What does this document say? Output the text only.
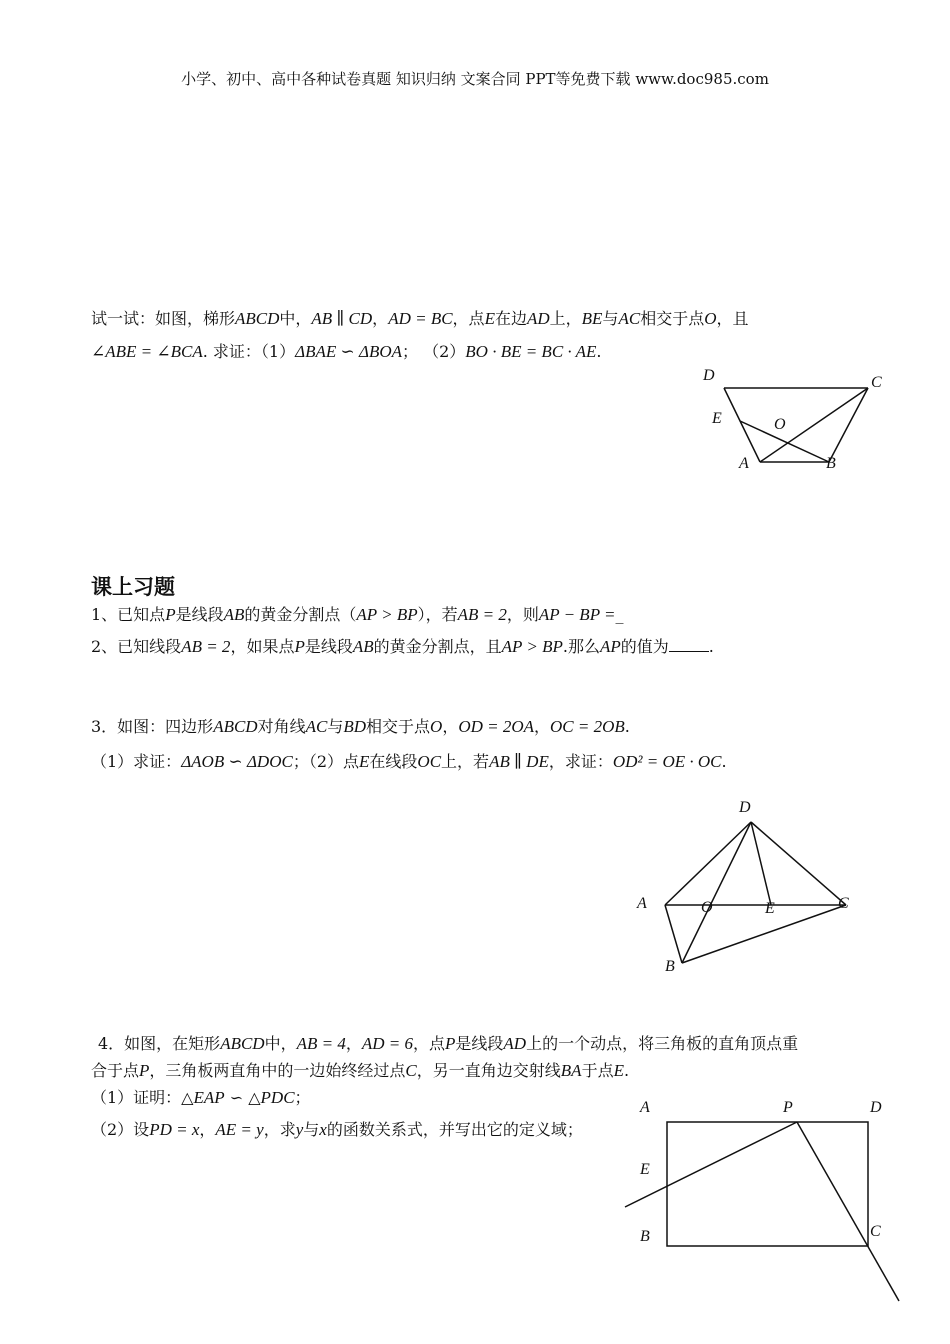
小学、初中、高中各种试卷真题 知识归纳 文案合同 PPT等免费下载 www.doc985.com
试一试：如图，梯形ABCD中，AB ∥ CD，AD = BC，点E在边AD上，BE与AC相交于点O，且
∠ABE = ∠BCA. 求证：（1）ΔBAE ∽ ΔBOA； （2）BO · BE = BC · AE.
D	C
E	O
A	B
课上习题
1、已知点P是线段AB的黄金分割点（AP > BP），若AB = 2，则AP − BP =_
2、已知线段AB = 2，如果点P是线段AB的黄金分割点，且AP > BP.那么AP的值为	.
3．如图：四边形ABCD对角线AC与BD相交于点O，OD = 2OA，OC = 2OB.
（1）求证：ΔAOB ∽ ΔDOC；（2）点E在线段OC上，若AB ∥ DE，求证：OD² = OE · OC.
D
A	O	E	C
B
4．如图，在矩形ABCD中，AB = 4，AD = 6，点P是线段AD上的一个动点，将三角板的直角顶点重
合于点P，三角板两直角中的一边始终经过点C，另一直角边交射线BA于点E.
（1）证明：△EAP ∽ △PDC；
（2）设PD = x，AE = y，求y与x的函数关系式，并写出它的定义域；
A	P	D
E
B	C
